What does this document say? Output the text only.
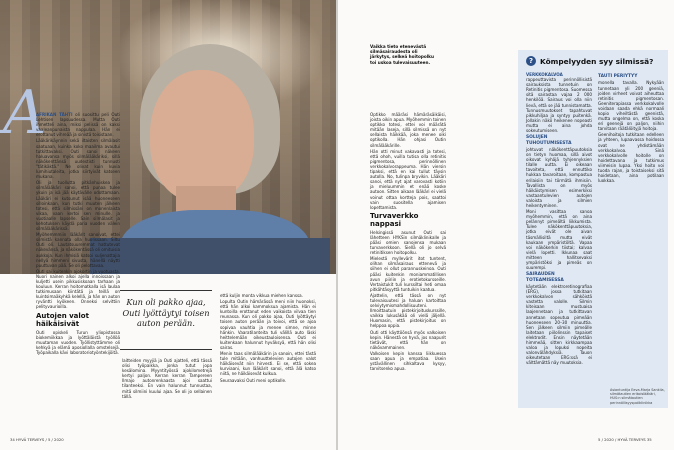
A

AFRIKAN TÄHTI oli suosittu peli Outi Lehtisen lapsuudessa. Mutta Outi ihmetteli aina, miksi pelissä on kaksi vaaleanpunaista nappulaa. Hän ei erottanut vihreää ja sinistä toisistaan.

Lääkärikäynnin sekä iltaisten silmälasit saatuaan, kuinka koko maailma avautui tutkittavaksi. Outi sanoi näkeen haluavansa myös silmälääkäriksi, sillä näkökenttänsä uudestisti tunnusti "tätikäktä." Ne olivat kuin kuvia lumihiutaleita, jotka siirtyivät katseen mukana.

Oli ja tuollutta pitkänhuiskea ja silmälääkäri sanoi, että punaa tulee ykuin ja isä jää käytävälle odottamaan. Lääkäri ei kutsunut isää huoneeseen silloinkaan, kun tutki muuten jälkeen totesi, että silmissäni on monenlaista vikaa, vaan kertoi sen minulle, ja vuotiaalle lapselle. Sain silmälasit ja kehotuksen käydä paria vuoden välein silmälääkärissä.

Myöhemmmiin lääkärit sanoivat, ettei silmistä kannata olla huolissaan. Siltu Outi oli. Lautatsuuremmat hattutevat näkevänsä, ja näkökentässä oli omituisia aukkoja. Kun ihmisiä katsoi suljenattajia nellyä himmeni sivusta, hänellä näytti puuttuvan pää. Se oli pelottavaa.

Outi sai kuitenkin ajokortin ja vuotuasta. Nuori nainen alkoi ajella innoissaan ja kuljetti usein pikkusiskoaan tarhaan ja kouluun. Kerran hoitomatkalla isä laulaa tutkimusaan kiintätä ja teillä on kuintsimaäkyhkä kelellä, ja hän on auton ryväntti kyökeen. Onneksi selvittiin pelityvaurioilla.

Autojen valot häikäisivät

Outi opiskeli Turun yliopistossa biokemiikkaa ja lyöttäläistä työllöä muutaman vuoden. Työllistyttämme oli kehkyä ja elämä aposiollalla omstelsejä. Työpaikalla kävi laboratoriotyöntekijöitä.

Kun oli pakko ajaa, Outi lyöttäytyi toisen auton perään.

laitteiden myyjiä ja Outi ajatteli, että tässä olisi työpaikka, jonka tutut jopa kesälomina. Myyntityössä ajokilometrejä kertyi paljon. Kerran kerran Tampereen Ilmajo autonrenkaasta ajoi saattui tilanteeksi. En vain halunnut tunnustaa, mitä silmiini kuului ajaa. Se oli jo sellainen tällä.

että kuljin monta vikkua miehen kanssa.

Lopulta Outin hämärässä meni niin huonoksi, että hän alkoi kammoksua ajamista. Hän ei kuntoilla erottanut eden vaikoista vilvaa tien reunassa. Kun oli pakko ajaa, Outi lyöttäytyi toisen auton perään ja toivoi, että se ajoa sopivaa vauhtia ja menee simne, minne hänkin. Vaaratilanteita tuli välillä auto läski heittelemään oikeustauloisensa. Outi ei kuitenkaan halunnut hyväksyä, että hän olisi sairas.

Menin taas silmälääkärin ja sanoin, ettei tästä tule mitään, vanhuuttelevien autojen valot häikäisevät niin hirvesti. Ei se, että sokea kurviaani, kun lääkärit sanoi, että älä katso niitä, ne häikäisevät kulkua.

Seuraavaksi Outi meni optikolle.

34 HYVÄ TERVEYS / 5 / 2020
Vaikka tieto etenevästä silmäsairaudesta oli järkytys, selkeä hoitopolku toi uskoa tulevaisuuteen.

Optikko määräsi hämäräsäikäisi, joista oikin apua. Myöhemmin toinen optikko totesi, ettei voi määrätä mitään laseja, sillä silmissä on nyt sellaista häikkää, joka menee oiki optikolla. Hän ohjasi Outin silmälääkärille.

Hän otti minut vakavasti ja totesi, että ohoh, vuilla tutisa olla retinitis pigmentosa, perinnöllinen verkkokalvorappeuma. Hän viersin tipaksi, että en kai tullut täysin autolla. No, tulinpa bryvikin. Lääkäri sanoi, että nyt ajat varovasti kotiin ja mieluummin et enää koske autoon. Sitten aikaan lääkäri ei vielä voinut ottaa kortteja pois, saattoi vain suositella ajamisen lopettamista.

Turvaverkko nappasi

Helsingissä asunut Outi sai lähetteen HYKSin silmäklinikalle ja pääsi omien sanojensa mukaan turvaverkkoon. Siellä oli jo selvä retinitiksen hoitopolku.

Mielestä myllevärit itot tuntent, olihan silmäsairaus ettenevä ja siihen ei ollut parannuskeinoa. Outi pääsi kuitenkin moniammatillisen avun piiriin ja erotietokursseille. Vertaistukit tuli kurssiltai heti omaa pitkähtäsyyttä tuntuikin kaatua.

Ajattelin, että tässä on nyt tulevaisuutesi ja haluan kartoittaa selviytymismahdollisuuteni. Ilmoittautuin pistekirjoituskurssille, vaikka lukusäkää oli vielä jäljellä. Huomasin, että pistekirjoitus on helppoa oppia.

Outi otti käyttöönsä myös valkoisen kepin. Hänestä on hyvä, jos naapurit tietävät, että hän on näkövammainen.

Valkoisen kepin kanssa liikkuessa saan apua ja empatiaa. Usein ystävällinen sihkaltava kysyy, tarvitsenko apua.

? Kömpelyyden syy silmissä?

VERKKOKALVOA rappeuttavista perinnöllisistä sairauksista tunnetuin on Retinitis pigmentosa. Suomessa sitä sairastaa vajaa 2 000 henkilöä. Sairaus voi olla niin lievä, että se jää tunnistamatta. Tunnusmuutokset tapahtuvat pikkuhiljaa ja syntyy puitenkä. Jollakin näkö heikenee nopeasti mutta ei aina johda sokeutumiseen.

SOLUJEN TUHOUTUMISESTA

johtuvat näkökenttäpuutoksia on tietyn huomaa, sillä aivot oikovat kyhäjä tyhjennyksien tilalle uutta. Ei oikeaan tavoiteta, että ennuttiko hukkaa tavaroitaan, kompastua erilaisiin tai törmätä ihmisiin. Tavallista on myös häikäistymisen esimerkiksi vastaantulevien autojen valoista ja silmien heikentyminen.

Moni vasittaa sanoa myöhemmin, että on aina pelännyt pimeältä liikkumista. Tulee näkökenttäpuutoksia, jotka eivät ole aivan täsmällisiltä mutta eivät kaukaan ympäristöltä. Vapaa voi näkökerkin tiistai; kalvaa vielä lopetti. Ikkunaa saat mitteen hallitsevaksi ympäristöksi ja pimeäs on suurempi.

SAIRAUDEN TOTEAMISESSA

käytetään elektroretinografiaa (ERG), jossa tutkitaan verkkokalvon sähköistä vastetta valolle. Silmin kiteisaan mustuaisa laajennetaan ja tutkittavan annetaan sopeutua pimeään huoneeseen 20–30 minuuttia. Sen jälkeen silmiin pimeälle laitetaan piilolinssin tapaiset elektrodit. Ensin näytetään himmeää, sitten kirkkaampaa valoa ja lopuksi nopeita valonvälähdyksiä. Tauon oikeutetaan ERG:ssä ei välttämättä näy muutoksia.

TAUTI PERIYTYY

monella tavalla. Nykyään tunnetaan yli 200 geeniä, joiden virheet voivat aiheuttaa retinitis pigmentosan. Geeniterapiassa verkkokalvolle voidaan saada ehkä normaali kopio viheiltästä geenistä, mutta ongelma on, että koska eri geenejä on paljon, niihin tarvitaan räätälöityjä hoitoja.

Geenihoitoja tutkitaan edelleen ja yhteen, lupaavassa hoidossa ovat ne yhdistämään verkkokalvoa. Sinä verkkokalvolle hoitolle on hoidettavana ja tutkimus viimeisin lupaa. Yksi hoito voi tuoda rajan, ja toistaiseksi sitä hoidetaan, aina potilaan luokkaa.

Asiantuntija Eeva-Marja Sankila, silmätautien erikoislääkäri, HUS:n silmätautien perinnöllisyyspoliklinikka
5 / 2020 / HYVÄ TERVEYS 35
